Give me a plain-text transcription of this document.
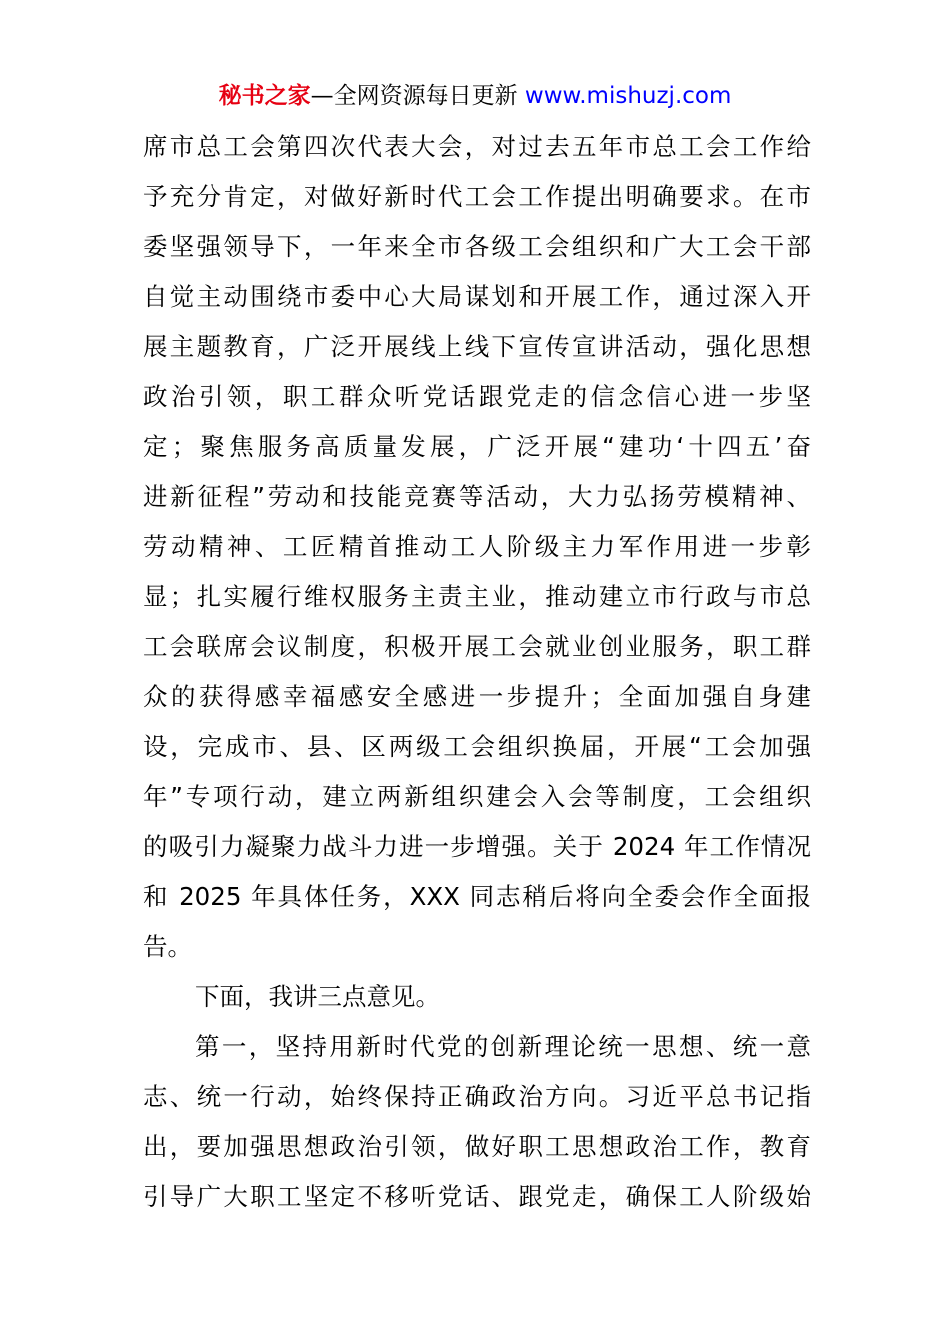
秘书之家—全网资源每日更新 www.mishuzj.com
席市总工会第四次代表大会，对过去五年市总工会工作给
予充分肯定，对做好新时代工会工作提出明确要求。在市
委坚强领导下，一年来全市各级工会组织和广大工会干部
自觉主动围绕市委中心大局谋划和开展工作，通过深入开
展主题教育，广泛开展线上线下宣传宣讲活动，强化思想
政治引领，职工群众听党话跟党走的信念信心进一步坚
定；聚焦服务高质量发展，广泛开展“建功‘十四五’奋
进新征程”劳动和技能竞赛等活动，大力弘扬劳模精神、
劳动精神、工匠精首推动工人阶级主力军作用进一步彰
显；扎实履行维权服务主责主业，推动建立市行政与市总
工会联席会议制度，积极开展工会就业创业服务，职工群
众的获得感幸福感安全感进一步提升；全面加强自身建
设，完成市、县、区两级工会组织换届，开展“工会加强
年”专项行动，建立两新组织建会入会等制度，工会组织
的吸引力凝聚力战斗力进一步增强。关于 2024 年工作情况
和 2025 年具体任务，XXX 同志稍后将向全委会作全面报
告。
下面，我讲三点意见。
第一，坚持用新时代党的创新理论统一思想、统一意
志、统一行动，始终保持正确政治方向。习近平总书记指
出，要加强思想政治引领，做好职工思想政治工作，教育
引导广大职工坚定不移听党话、跟党走，确保工人阶级始
